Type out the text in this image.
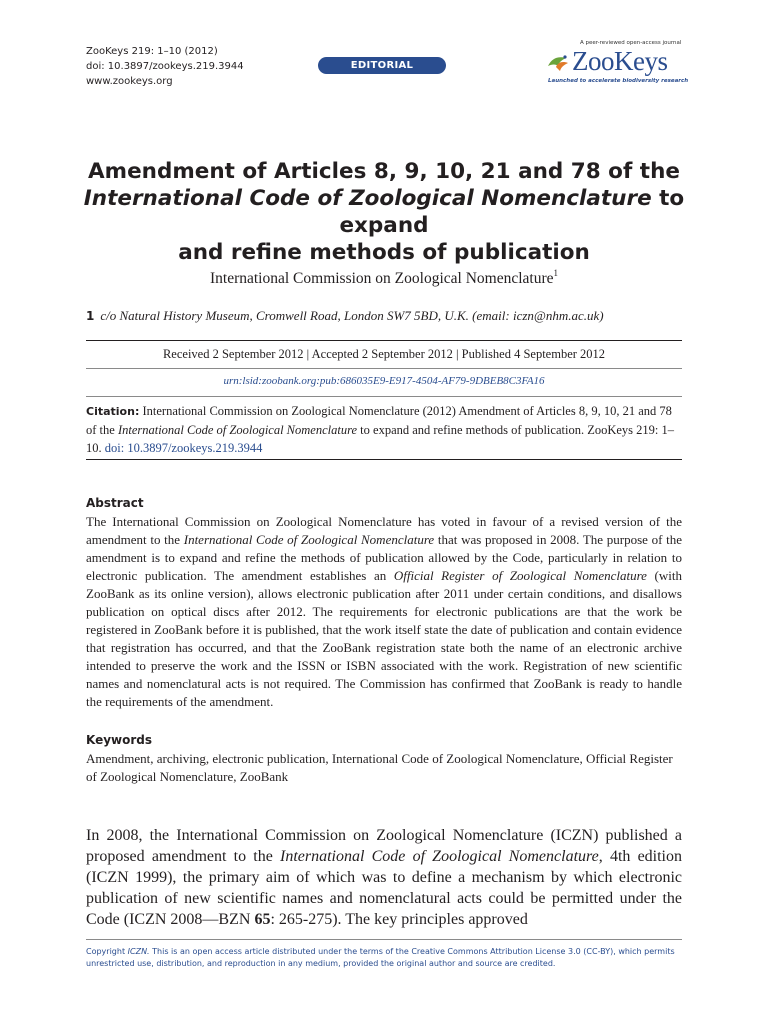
ZooKeys 219: 1–10 (2012)
doi: 10.3897/zookeys.219.3944
www.zookeys.org
EDITORIAL
A peer-reviewed open-access journal
ZooKeys
Launched to accelerate biodiversity research
Amendment of Articles 8, 9, 10, 21 and 78 of the
International Code of Zoological Nomenclature to expand
and refine methods of publication
International Commission on Zoological Nomenclature$^1$
1 c/o Natural History Museum, Cromwell Road, London SW7 5BD, U.K. (email: iczn@nhm.ac.uk)
Received 2 September 2012 | Accepted 2 September 2012 | Published 4 September 2012
urn:lsid:zoobank.org:pub:686035E9-E917-4504-AF79-9DBEB8C3FA16
Citation: International Commission on Zoological Nomenclature (2012) Amendment of Articles 8, 9, 10, 21 and 78 of the International Code of Zoological Nomenclature to expand and refine methods of publication. ZooKeys 219: 1–10. doi: 10.3897/zookeys.219.3944
Abstract
The International Commission on Zoological Nomenclature has voted in favour of a revised version of the amendment to the International Code of Zoological Nomenclature that was proposed in 2008. The purpose of the amendment is to expand and refine the methods of publication allowed by the Code, particularly in relation to electronic publication. The amendment establishes an Official Register of Zoological Nomenclature (with ZooBank as its online version), allows electronic publication after 2011 under certain conditions, and disallows publication on optical discs after 2012. The requirements for electronic publications are that the work be registered in ZooBank before it is published, that the work itself state the date of publication and contain evidence that registration has occurred, and that the ZooBank registration state both the name of an electronic archive intended to preserve the work and the ISSN or ISBN associated with the work. Registration of new scientific names and nomenclatural acts is not required. The Commission has confirmed that ZooBank is ready to handle the requirements of the amendment.
Keywords
Amendment, archiving, electronic publication, International Code of Zoological Nomenclature, Official Register of Zoological Nomenclature, ZooBank
In 2008, the International Commission on Zoological Nomenclature (ICZN) published a proposed amendment to the International Code of Zoological Nomenclature, 4th edition (ICZN 1999), the primary aim of which was to define a mechanism by which electronic publication of new scientific names and nomenclatural acts could be permitted under the Code (ICZN 2008—BZN 65: 265-275). The key principles approved
Copyright ICZN. This is an open access article distributed under the terms of the Creative Commons Attribution License 3.0 (CC-BY), which permits unrestricted use, distribution, and reproduction in any medium, provided the original author and source are credited.
